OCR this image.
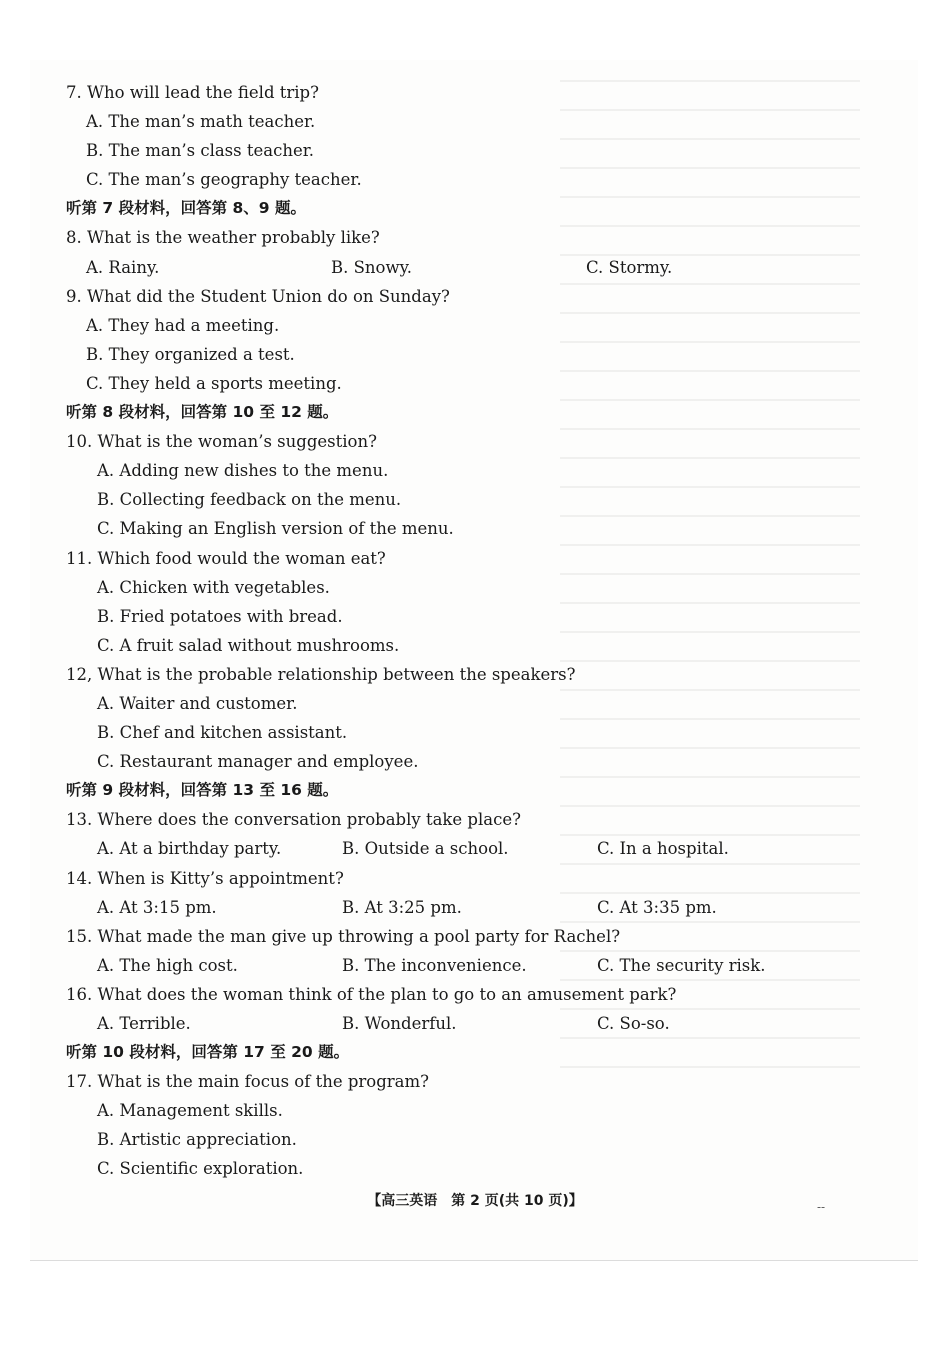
7. Who will lead the field trip?
A. The man’s math teacher.
B. The man’s class teacher.
C. The man’s geography teacher.
听第 7 段材料，回答第 8、9 题。
8. What is the weather probably like?
A. Rainy.	B. Snowy.	C. Stormy.
9. What did the Student Union do on Sunday?
A. They had a meeting.
B. They organized a test.
C. They held a sports meeting.
听第 8 段材料，回答第 10 至 12 题。
10. What is the woman’s suggestion?
A. Adding new dishes to the menu.
B. Collecting feedback on the menu.
C. Making an English version of the menu.
11. Which food would the woman eat?
A. Chicken with vegetables.
B. Fried potatoes with bread.
C. A fruit salad without mushrooms.
12, What is the probable relationship between the speakers?
A. Waiter and customer.
B. Chef and kitchen assistant.
C. Restaurant manager and employee.
听第 9 段材料，回答第 13 至 16 题。
13. Where does the conversation probably take place?
A. At a birthday party.	B. Outside a school.	C. In a hospital.
14. When is Kitty’s appointment?
A. At 3:15 pm.	B. At 3:25 pm.	C. At 3:35 pm.
15. What made the man give up throwing a pool party for Rachel?
A. The high cost.	B. The inconvenience.	C. The security risk.
16. What does the woman think of the plan to go to an amusement park?
A. Terrible.	B. Wonderful.	C. So-so.
听第 10 段材料，回答第 17 至 20 题。
17. What is the main focus of the program?
A. Management skills.
B. Artistic appreciation.
C. Scientific exploration.
【高三英语　第 2 页(共 10 页)】	--
